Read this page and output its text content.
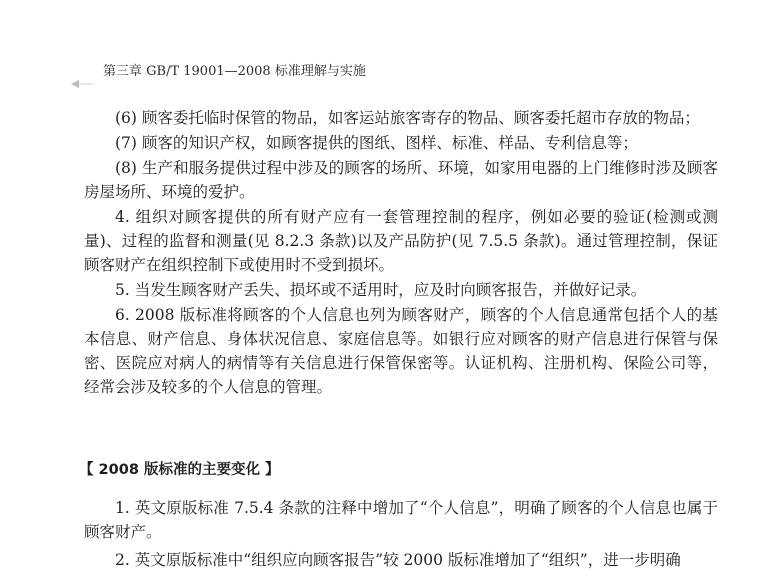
第三章 GB/T 19001—2008 标准理解与实施

(6) 顾客委托临时保管的物品，如客运站旅客寄存的物品、顾客委托超市存放的物品；

(7) 顾客的知识产权，如顾客提供的图纸、图样、标准、样品、专利信息等；

(8) 生产和服务提供过程中涉及的顾客的场所、环境，如家用电器的上门维修时涉及顾客房屋场所、环境的爱护。

4. 组织对顾客提供的所有财产应有一套管理控制的程序，例如必要的验证(检测或测量)、过程的监督和测量(见 8.2.3 条款)以及产品防护(见 7.5.5 条款)。通过管理控制，保证顾客财产在组织控制下或使用时不受到损坏。

5. 当发生顾客财产丢失、损坏或不适用时，应及时向顾客报告，并做好记录。

6. 2008 版标准将顾客的个人信息也列为顾客财产，顾客的个人信息通常包括个人的基本信息、财产信息、身体状况信息、家庭信息等。如银行应对顾客的财产信息进行保管与保密、医院应对病人的病情等有关信息进行保管保密等。认证机构、注册机构、保险公司等，经常会涉及较多的个人信息的管理。

【 2008 版标准的主要变化 】

1. 英文原版标准 7.5.4 条款的注释中增加了“个人信息”，明确了顾客的个人信息也属于顾客财产。

2. 英文原版标准中“组织应向顾客报告”较 2000 版标准增加了“组织”，进一步明确
